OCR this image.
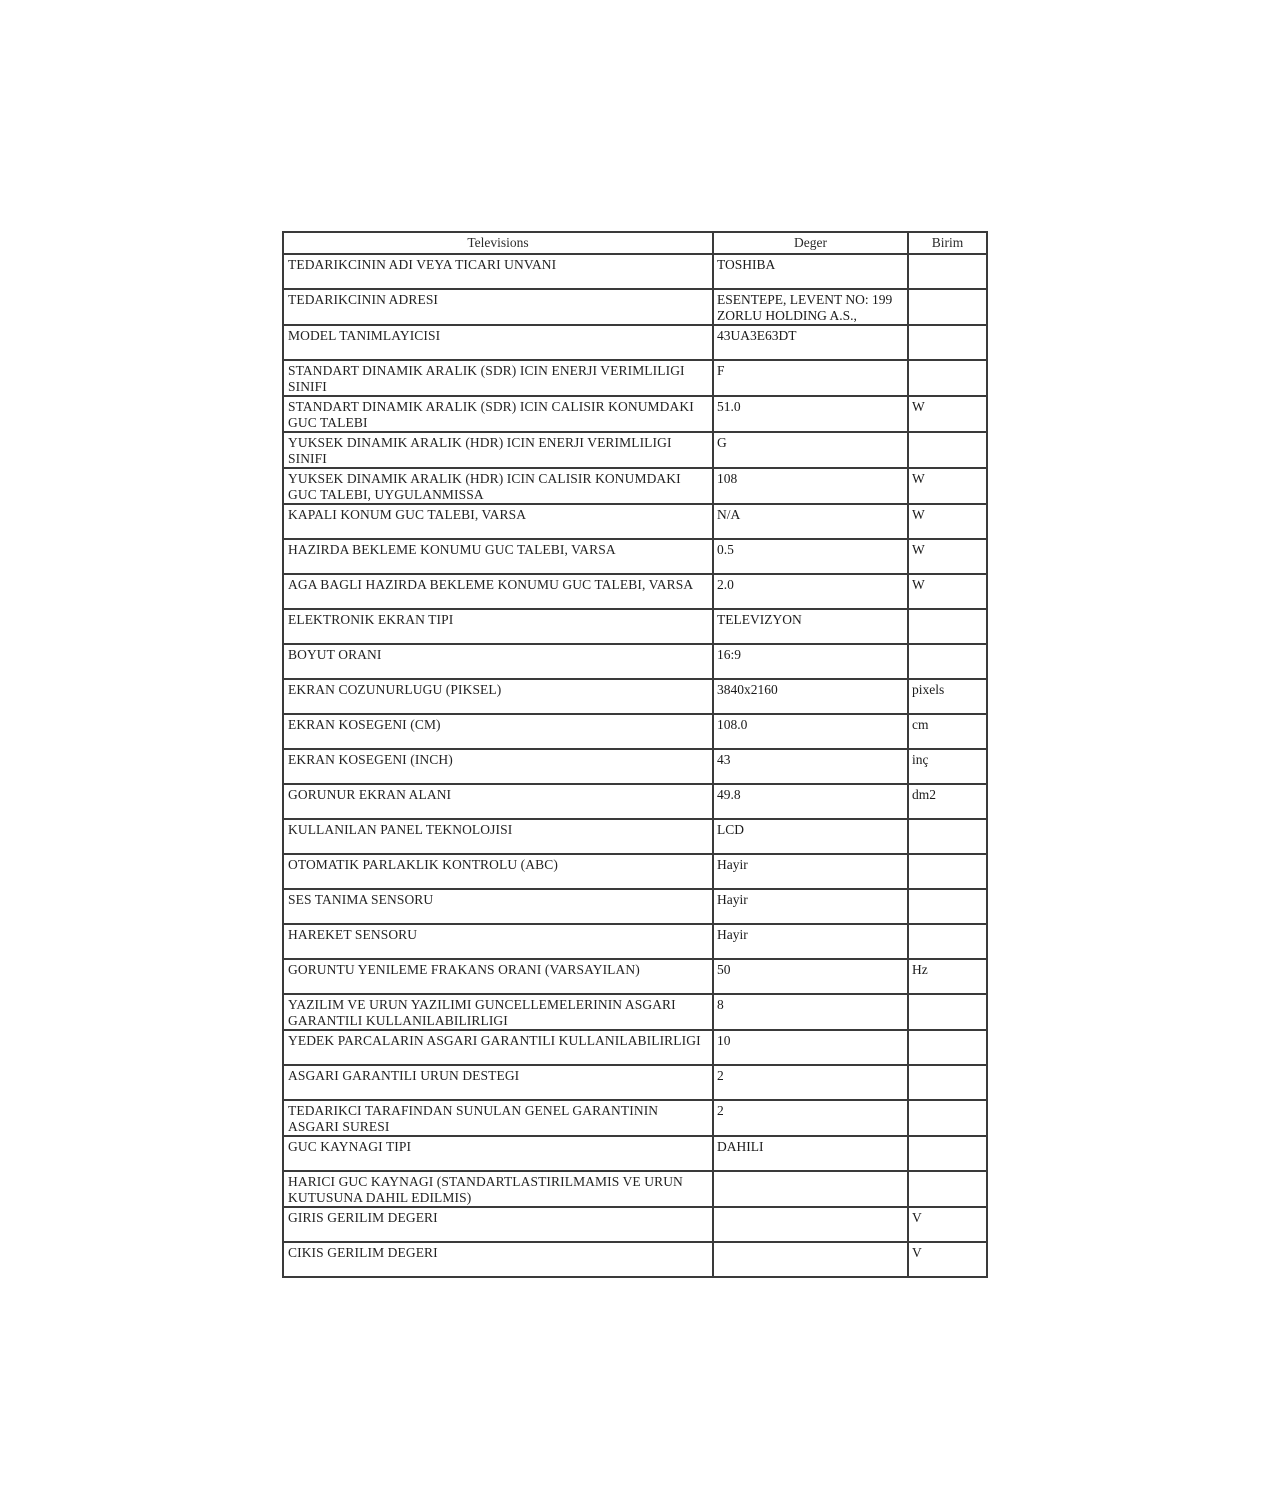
Televisions	Deger	Birim

TEDARIKCININ ADI VEYA TICARI UNVANI	TOSHIBA	

TEDARIKCININ ADRESI	ESENTEPE, LEVENT NO: 199 ZORLU HOLDING A.S.,	

MODEL TANIMLAYICISI	43UA3E63DT	

STANDART DINAMIK ARALIK (SDR) ICIN ENERJI VERIMLILIGI SINIFI	F	

STANDART DINAMIK ARALIK (SDR) ICIN CALISIR KONUMDAKI GUC TALEBI	51.0	W

YUKSEK DINAMIK ARALIK (HDR) ICIN ENERJI VERIMLILIGI SINIFI	G	

YUKSEK DINAMIK ARALIK (HDR) ICIN CALISIR KONUMDAKI GUC TALEBI, UYGULANMISSA	108	W

KAPALI KONUM GUC TALEBI, VARSA	N/A	W

HAZIRDA BEKLEME KONUMU GUC TALEBI, VARSA	0.5	W

AGA BAGLI HAZIRDA BEKLEME KONUMU GUC TALEBI, VARSA	2.0	W

ELEKTRONIK EKRAN TIPI	TELEVIZYON	

BOYUT ORANI	16:9	

EKRAN COZUNURLUGU (PIKSEL)	3840x2160	pixels

EKRAN KOSEGENI (CM)	108.0	cm

EKRAN KOSEGENI (INCH)	43	inç

GORUNUR EKRAN ALANI	49.8	dm2

KULLANILAN PANEL TEKNOLOJISI	LCD	

OTOMATIK PARLAKLIK KONTROLU (ABC)	Hayir	

SES TANIMA SENSORU	Hayir	

HAREKET SENSORU	Hayir	

GORUNTU YENILEME FRAKANS ORANI (VARSAYILAN)	50	Hz

YAZILIM VE URUN YAZILIMI GUNCELLEMELERININ ASGARI GARANTILI KULLANILABILIRLIGI	8	

YEDEK PARCALARIN ASGARI GARANTILI KULLANILABILIRLIGI	10	

ASGARI GARANTILI URUN DESTEGI	2	

TEDARIKCI TARAFINDAN SUNULAN GENEL GARANTININ ASGARI SURESI	2	

GUC KAYNAGI TIPI	DAHILI	

HARICI GUC KAYNAGI (STANDARTLASTIRILMAMIS VE URUN KUTUSUNA DAHIL EDILMIS)		

GIRIS GERILIM DEGERI		V

CIKIS GERILIM DEGERI		V
